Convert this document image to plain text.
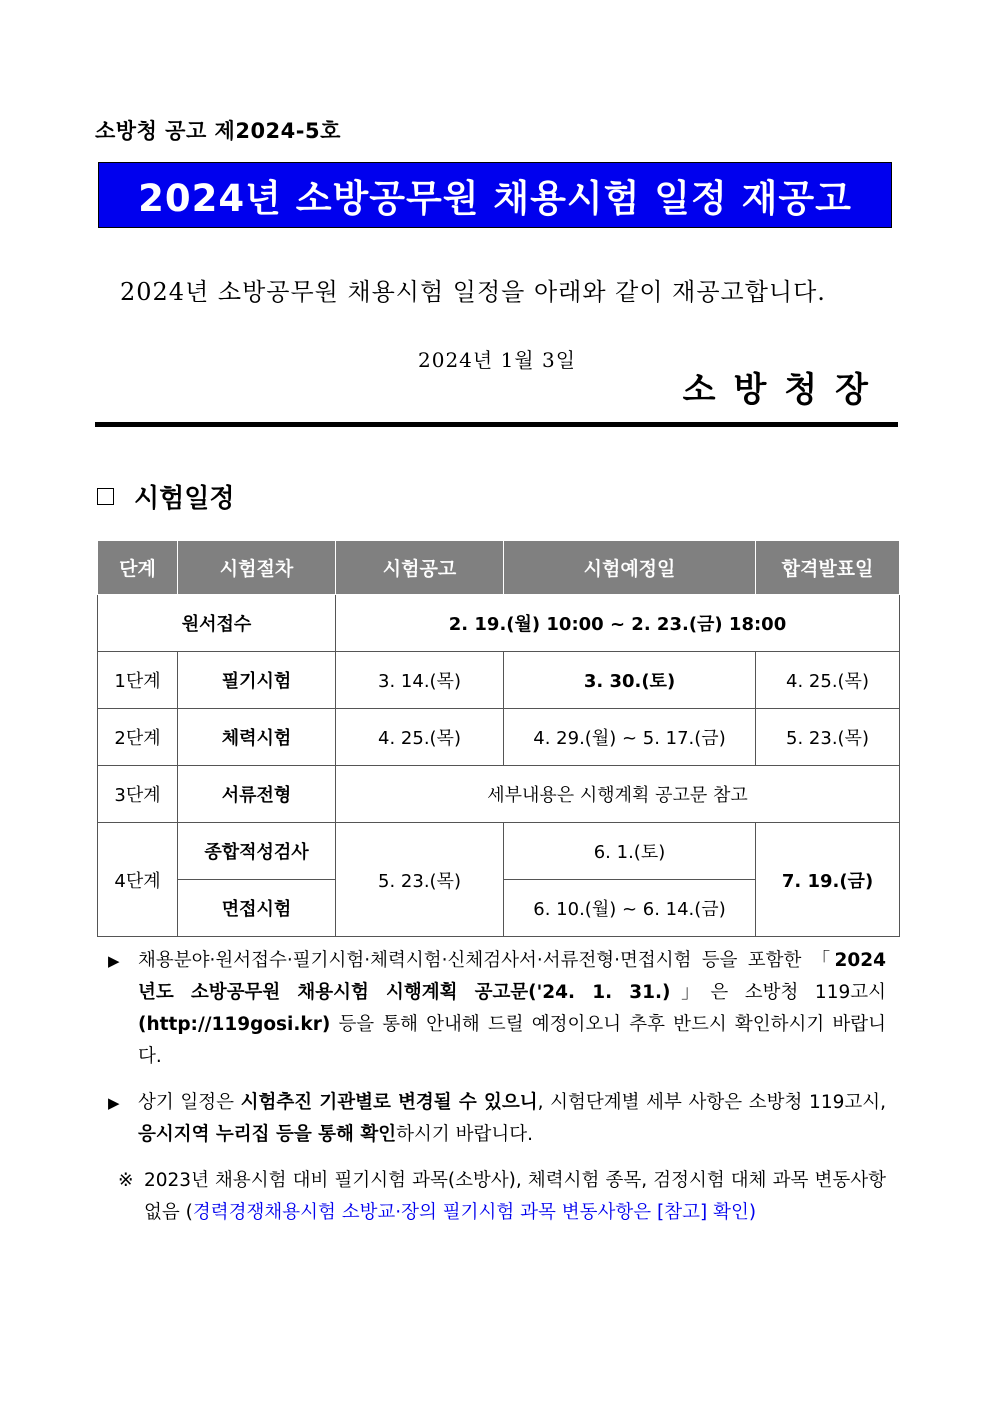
소방청 공고 제2024-5호
2024년 소방공무원 채용시험 일정 재공고
2024년 소방공무원 채용시험 일정을 아래와 같이 재공고합니다.
2024년 1월 3일
소방청장
시험일정
단계	시험절차	시험공고	시험예정일	합격발표일
원서접수		2. 19.(월) 10:00 ~ 2. 23.(금) 18:00		
1단계	필기시험	3. 14.(목)	3. 30.(토)	4. 25.(목)
2단계	체력시험	4. 25.(목)	4. 29.(월) ~ 5. 17.(금)	5. 23.(목)
3단계	서류전형	세부내용은 시행계획 공고문 참고		
4단계	종합적성검사	5. 23.(목)	6. 1.(토)	7. 19.(금)
	면접시험		6. 10.(월) ~ 6. 14.(금)	
▶ 채용분야·원서접수·필기시험·체력시험·신체검사서·서류전형·면접시험 등을 포함한 「2024년도 소방공무원 채용시험 시행계획 공고문('24. 1. 31.)」은 소방청 119고시 (http://119gosi.kr) 등을 통해 안내해 드릴 예정이오니 추후 반드시 확인하시기 바랍니다.
▶ 상기 일정은 시험추진 기관별로 변경될 수 있으니, 시험단계별 세부 사항은 소방청 119고시, 응시지역 누리집 등을 통해 확인하시기 바랍니다.
※ 2023년 채용시험 대비 필기시험 과목(소방사), 체력시험 종목, 검정시험 대체 과목 변동사항 없음 (경력경쟁채용시험 소방교·장의 필기시험 과목 변동사항은 [참고] 확인)
